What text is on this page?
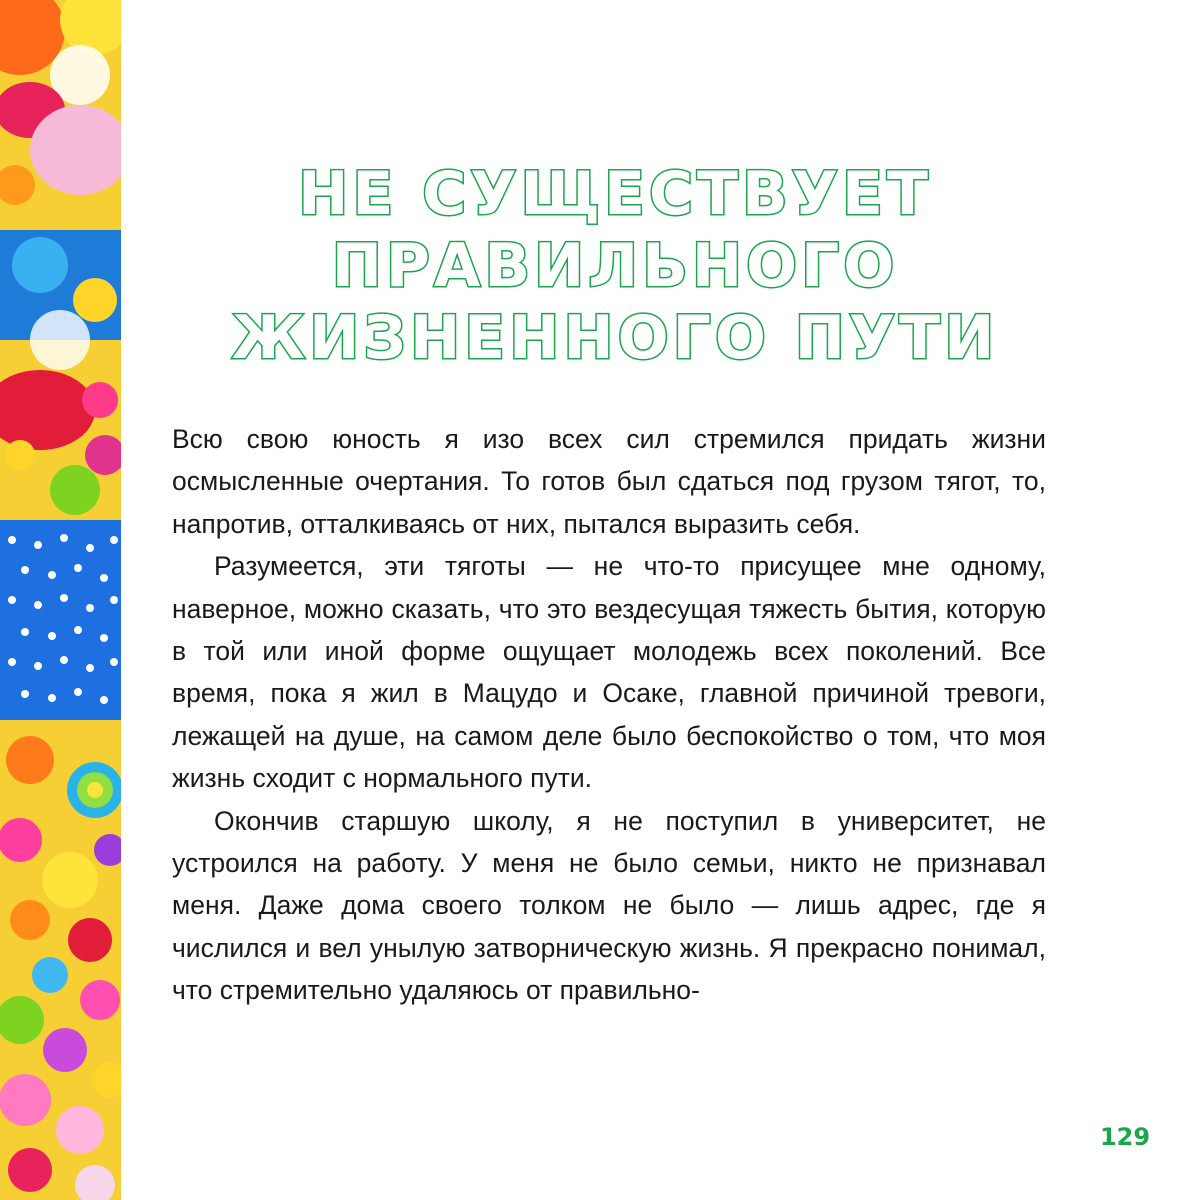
НЕ СУЩЕСТВУЕТ
ПРАВИЛЬНОГО
ЖИЗНЕННОГО ПУТИ

Всю свою юность я изо всех сил стремился придать жизни осмысленные очертания. То готов был сдаться под грузом тягот, то, напротив, отталкиваясь от них, пытался выразить себя.

Разумеется, эти тяготы — не что-то присущее мне одному, наверное, можно сказать, что это вездесущая тяжесть бытия, которую в той или иной форме ощущает молодежь всех поколений. Все время, пока я жил в Мацудо и Осаке, главной причиной тревоги, лежащей на душе, на самом деле было беспокойство о том, что моя жизнь сходит с нормального пути.

Окончив старшую школу, я не поступил в университет, не устроился на работу. У меня не было семьи, никто не признавал меня. Даже дома своего толком не было — лишь адрес, где я числился и вел унылую затворническую жизнь. Я прекрасно понимал, что стремительно удаляюсь от правильно-

129
